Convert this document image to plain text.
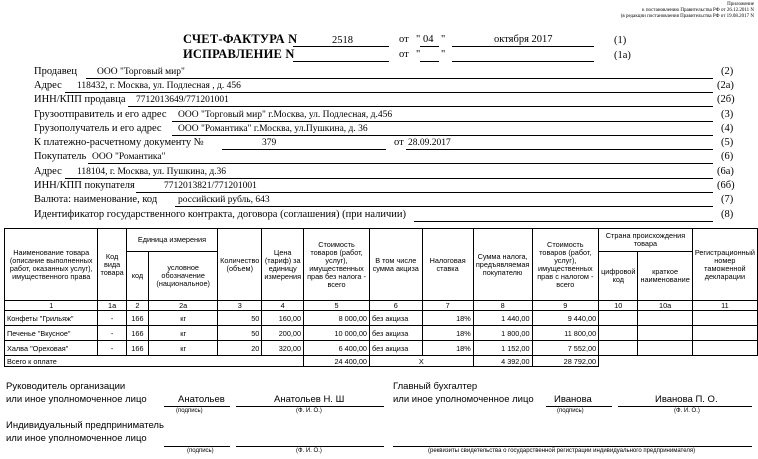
Приложение
к постановлению Правительства РФ от 26.12.2011 N
(в редакции постановления Правительства РФ от 19.08.2017 N
СЧЕТ-ФАКТУРА N	2518	от " 04 "	октября 2017	(1)
ИСПРАВЛЕНИЕ N	от " "	(1а)
Продавец ООО "Торговый мир"	(2)
Адрес 118432, г. Москва, ул. Подлесная , д. 456	(2а)
ИНН/КПП продавца 7712013649/771201001	(2б)
Грузоотправитель и его адрес ООО "Торговый мир" г.Москва, ул. Подлесная, д.456	(3)
Грузополучатель и его адрес ООО "Романтика" г.Москва, ул.Пушкина, д. 36	(4)
К платежно-расчетному документу №	379	от 28.09.2017	(5)
Покупатель ООО "Романтика"	(6)
Адрес 118104, г. Москва, ул. Пушкина, д.36	(6а)
ИНН/КПП покупателя	7712013821/771201001	(6б)
Валюта: наименование, код российский рубль, 643	(7)
Идентификатор государственного контракта, договора (соглашения) (при наличии)	(8)
Наименование товара (описание выполненных работ, оказанных услуг), имущественного права	Код вида товара	Единица измерения		Количество (объем)	Цена (тариф) за единицу измерения	Стоимость товаров (работ, услуг), имущественных прав без налога - всего	В том числе сумма акциза	Налоговая ставка	Сумма налога, предъявляемая покупателю	Стоимость товаров (работ, услуг), имущественных прав с налогом - всего	Страна происхождения товара		Регистрационный номер таможенной декларации
		код	условное обозначение (национальное)								цифровой код	краткое наименование	
1	1а	2	2а	3	4	5	6	7	8	9	10	10а	11
Конфеты "Грильяж"	-	166	кг	50	160,00	8 000,00	без акциза	18%	1 440,00	9 440,00			
Печенье "Вкусное"	-	166	кг	50	200,00	10 000,00	без акциза	18%	1 800,00	11 800,00			
Халва "Ореховая"	-	166	кг	20	320,00	6 400,00	без акциза	18%	1 152,00	7 552,00			
Всего к оплате						24 400,00	Х		4 392,00	28 792,00			
Руководитель организации
или иное уполномоченное лицо	Анатольев
(подпись)
Анатольев Н. Ш
(Ф. И. О.)
Главный бухгалтер
или иное уполномоченное лицо Иванова
(подпись)
Иванова П. О.
(Ф. И. О.)
Индивидуальный предприниматель
или иное уполномоченное лицо
(подпись)	(Ф. И. О.)	(реквизиты свидетельства о государственной регистрации индивидуального предпринимателя)
